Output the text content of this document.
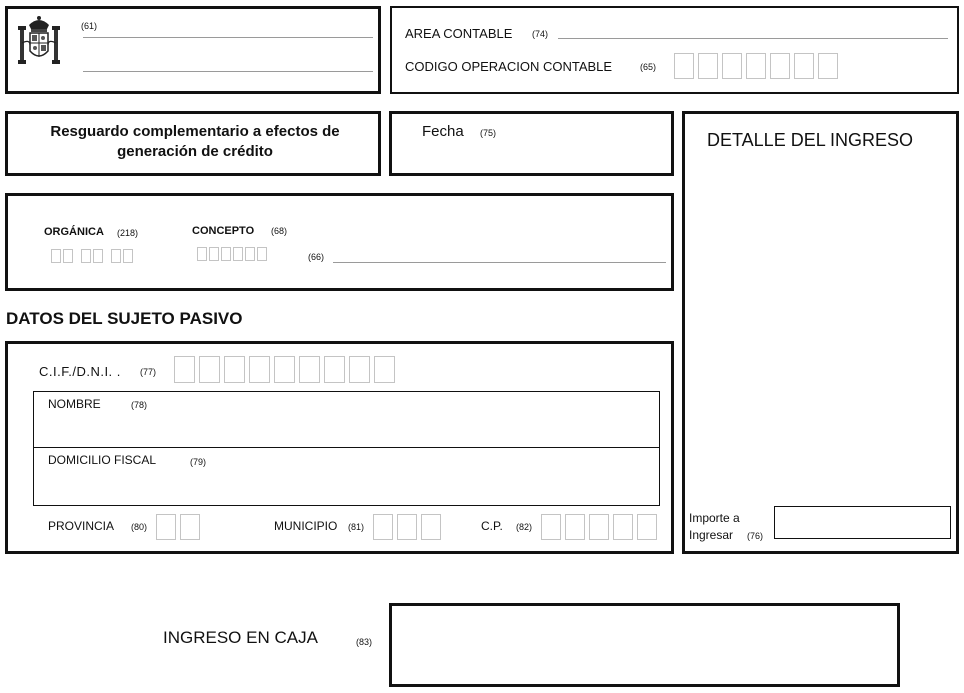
(61)	AREA CONTABLE (74)
CODIGO OPERACION CONTABLE	(65)
Resguardo complementario a efectos de generación de crédito
Fecha (75)	DETALLE DEL INGRESO
Importe a
Ingresar (76)
ORGÁNICA (218)	CONCEPTO (68)
(66)
DATOS DEL SUJETO PASIVO
C.I.F./D.N.I. . (77)
NOMBRE	(78)
DOMICILIO FISCAL	(79)
PROVINCIA (80)	MUNICIPIO (81)	C.P. (82)
INGRESO EN CAJA	(83)
